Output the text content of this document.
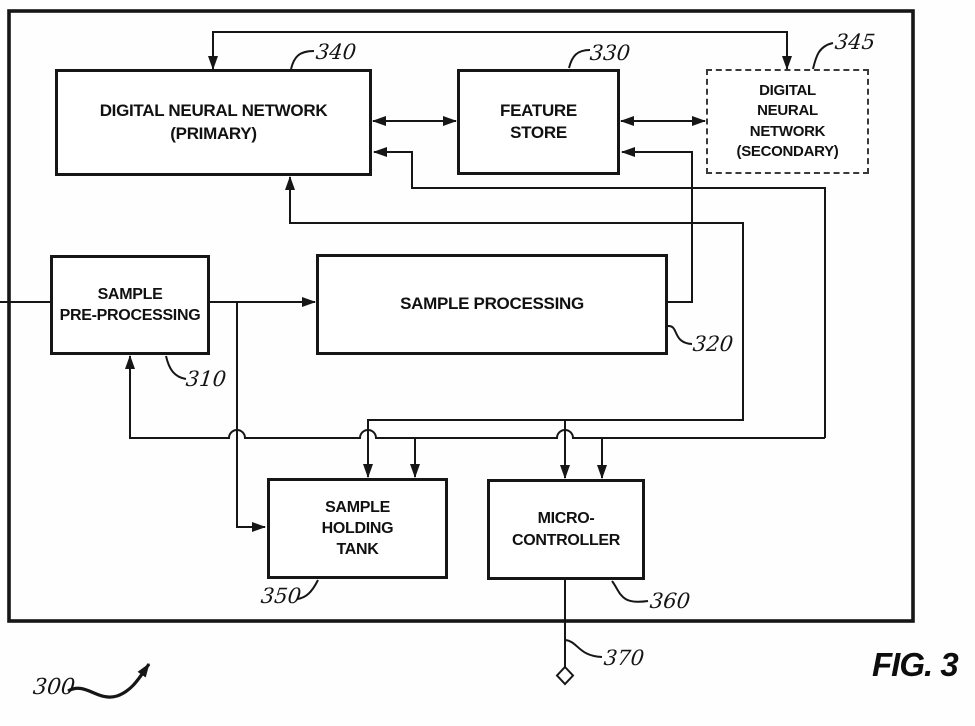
DIGITAL NEURAL NETWORK
(PRIMARY)
FEATURE
STORE
DIGITAL
NEURAL
NETWORK
(SECONDARY)
SAMPLE
PRE-PROCESSING
SAMPLE PROCESSING
SAMPLE
HOLDING
TANK
MICRO-
CONTROLLER
340	330	345
310
320
350	360
370
300
FIG. 3
